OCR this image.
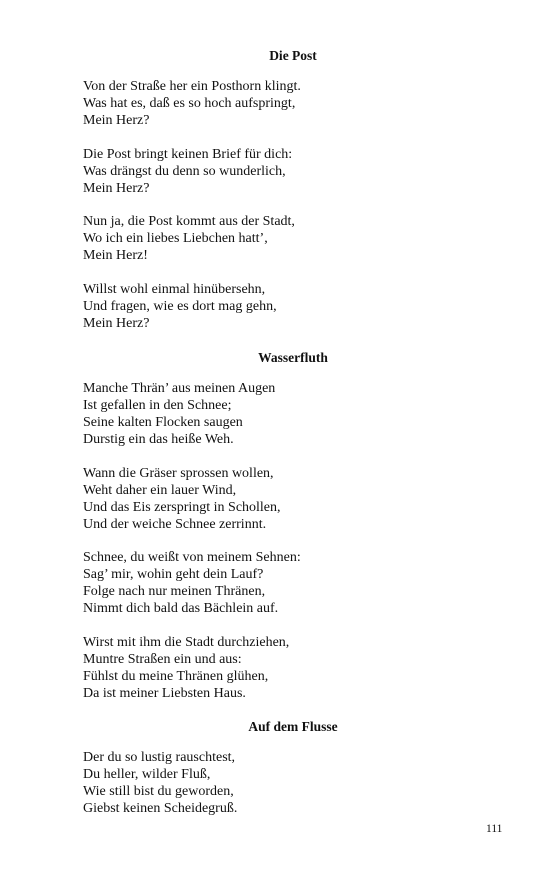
Die Post
Von der Straße her ein Posthorn klingt.
Was hat es, daß es so hoch aufspringt,
Mein Herz?
Die Post bringt keinen Brief für dich:
Was drängst du denn so wunderlich,
Mein Herz?
Nun ja, die Post kommt aus der Stadt,
Wo ich ein liebes Liebchen hatt’,
Mein Herz!
Willst wohl einmal hinübersehn,
Und fragen, wie es dort mag gehn,
Mein Herz?
Wasserfluth
Manche Thrän’ aus meinen Augen
Ist gefallen in den Schnee;
Seine kalten Flocken saugen
Durstig ein das heiße Weh.
Wann die Gräser sprossen wollen,
Weht daher ein lauer Wind,
Und das Eis zerspringt in Schollen,
Und der weiche Schnee zerrinnt.
Schnee, du weißt von meinem Sehnen:
Sag’ mir, wohin geht dein Lauf?
Folge nach nur meinen Thränen,
Nimmt dich bald das Bächlein auf.
Wirst mit ihm die Stadt durchziehen,
Muntre Straßen ein und aus:
Fühlst du meine Thränen glühen,
Da ist meiner Liebsten Haus.
Auf dem Flusse
Der du so lustig rauschtest,
Du heller, wilder Fluß,
Wie still bist du geworden,
Giebst keinen Scheidegruß.
111
